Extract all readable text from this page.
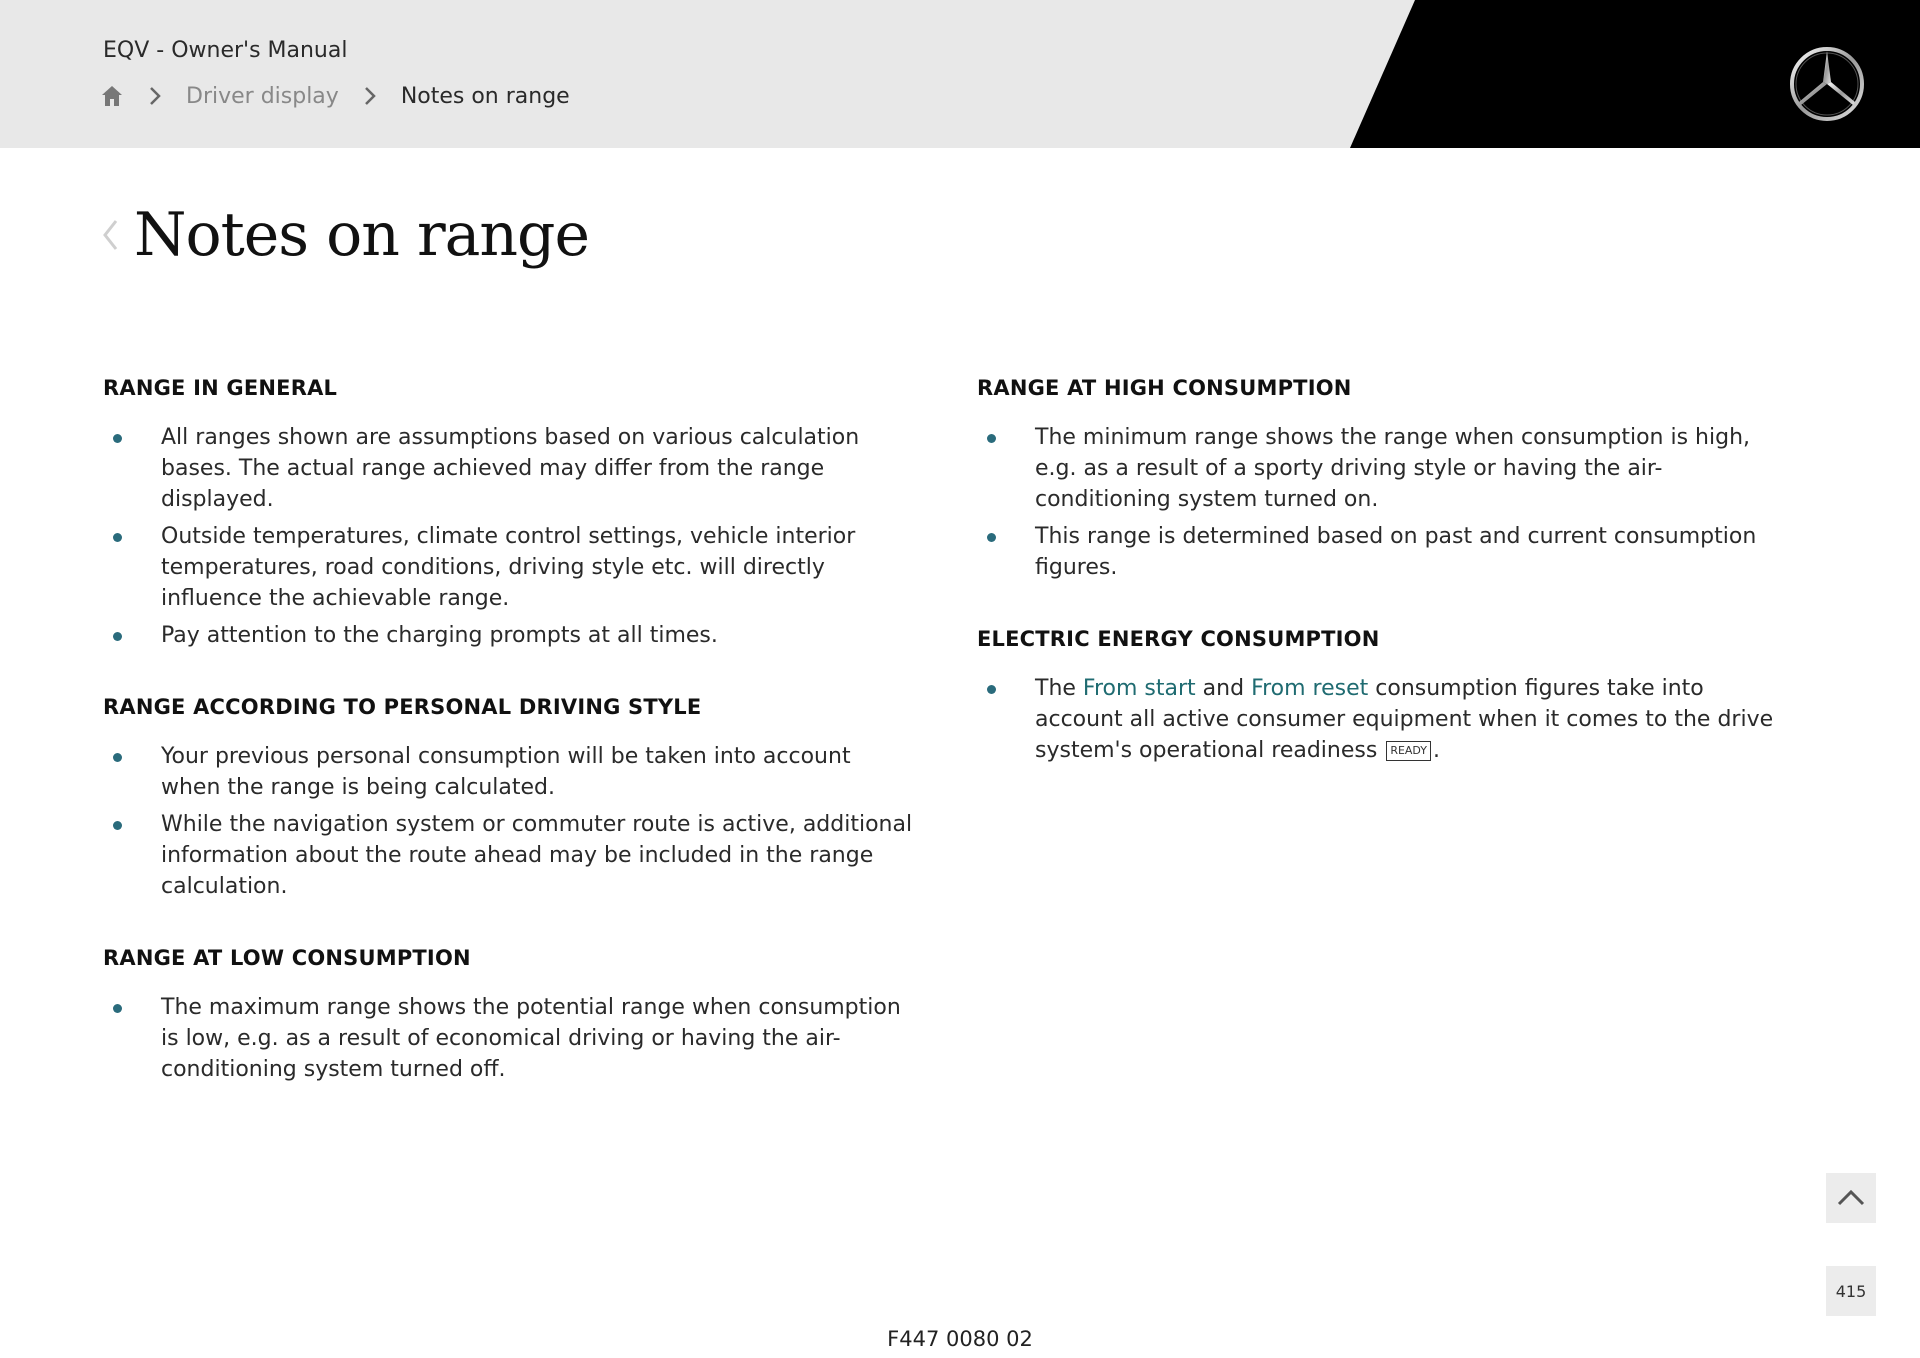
EQV - Owner's Manual
Driver display	Notes on range
Notes on range
RANGE IN GENERAL
All ranges shown are assumptions based on various calculation bases. The actual range achieved may differ from the range displayed.
Outside temperatures, climate control settings, vehicle interior temperatures, road conditions, driving style etc. will directly influence the achievable range.
Pay attention to the charging prompts at all times.
RANGE ACCORDING TO PERSONAL DRIVING STYLE
Your previous personal consumption will be taken into account when the range is being calculated.
While the navigation system or commuter route is active, additional information about the route ahead may be included in the range calculation.
RANGE AT LOW CONSUMPTION
The maximum range shows the potential range when consumption is low, e.g. as a result of economical driving or having the air-conditioning system turned off.
RANGE AT HIGH CONSUMPTION
The minimum range shows the range when consumption is high, e.g. as a result of a sporty driving style or having the air-conditioning system turned on.
This range is determined based on past and current consumption figures.
ELECTRIC ENERGY CONSUMPTION
The From start and From reset consumption figures take into account all active consumer equipment when it comes to the drive system's operational readiness READY .
415
F447 0080 02
